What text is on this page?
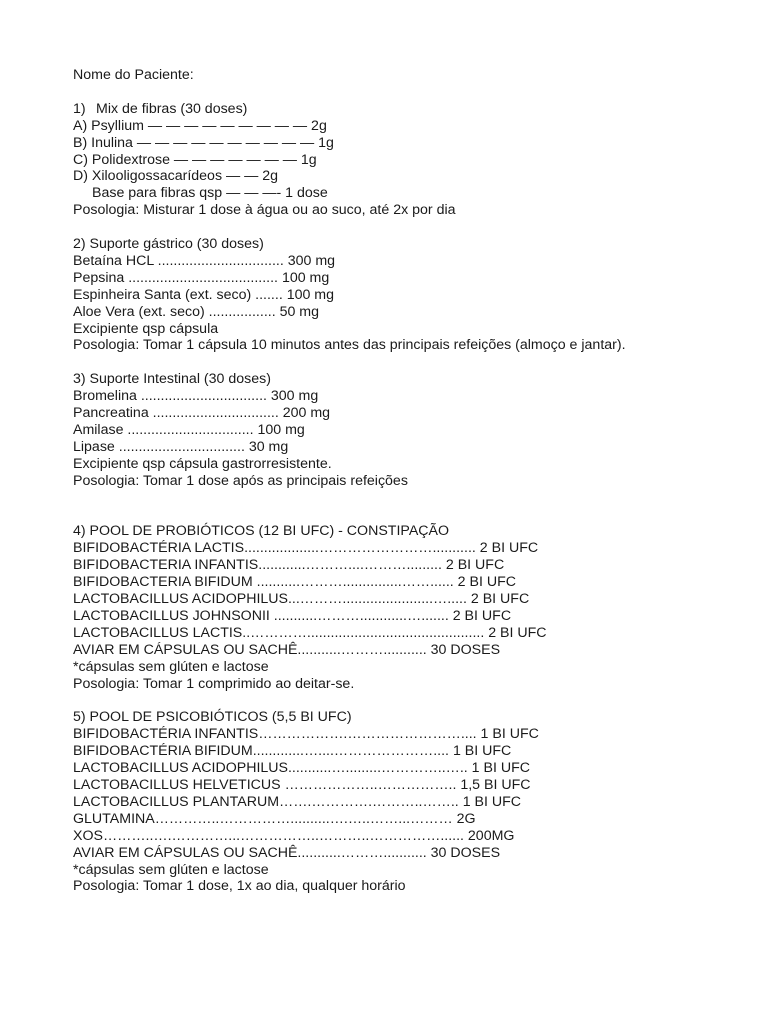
Nome do Paciente:
1) Mix de fibras (30 doses)
A) Psyllium — — — — — — — — — 2g
B) Inulina — — — — — — — — — — 1g
C) Polidextrose — — — — — — — 1g
D) Xilooligossacarídeos — — 2g
Base para fibras qsp — — —- 1 dose
Posologia: Misturar 1 dose à água ou ao suco, até 2x por dia
2) Suporte gástrico (30 doses)
Betaína HCL ................................ 300 mg
Pepsina ...................................... 100 mg
Espinheira Santa (ext. seco) ....... 100 mg
Aloe Vera (ext. seco) ................. 50 mg
Excipiente qsp cápsula
Posologia: Tomar 1 cápsula 10 minutos antes das principais refeições (almoço e jantar).
3) Suporte Intestinal (30 doses)
Bromelina ................................ 300 mg
Pancreatina ................................ 200 mg
Amilase ................................ 100 mg
Lipase ................................ 30 mg
Excipiente qsp cápsula gastrorresistente.
Posologia: Tomar 1 dose após as principais refeições
4) POOL DE PROBIÓTICOS (12 BI UFC) - CONSTIPAÇÃO
BIFIDOBACTÉRIA LACTIS...................……………………........... 2 BI UFC
BIFIDOBACTERIA INFANTIS............………....………......... 2 BI UFC
BIFIDOBACTERIA BIFIDUM ...........………...............……...... 2 BI UFC
LACTOBACILLUS ACIDOPHILUS...……….......................…..... 2 BI UFC
LACTOBACILLUS JOHNSONII ...........………............…....... 2 BI UFC
LACTOBACILLUS LACTIS..…………............................................. 2 BI UFC
AVIAR EM CÁPSULAS OU SACHÊ...........………........... 30 DOSES
*cápsulas sem glúten e lactose
Posologia: Tomar 1 comprimido ao deitar-se.
5) POOL DE PSICOBIÓTICOS (5,5 BI UFC)
BIFIDOBACTÉRIA INFANTIS……………….…………………….... 1 BI UFC
BIFIDOBACTÉRIA BIFIDUM.............…....………………….... 1 BI UFC
LACTOBACILLUS ACIDOPHILUS...........….........…………..….. 1 BI UFC
LACTOBACILLUS HELVETICUS ………………..…………….. 1,5 BI UFC
LACTOBACILLUS PLANTARUM…….………….………..…….. 1 BI UFC
GLUTAMINA…………..……………..........….…..……...……… 2G
XOS………..….…………...……………..………..……………...... 200MG
AVIAR EM CÁPSULAS OU SACHÊ...........………........... 30 DOSES
*cápsulas sem glúten e lactose
Posologia: Tomar 1 dose, 1x ao dia, qualquer horário
